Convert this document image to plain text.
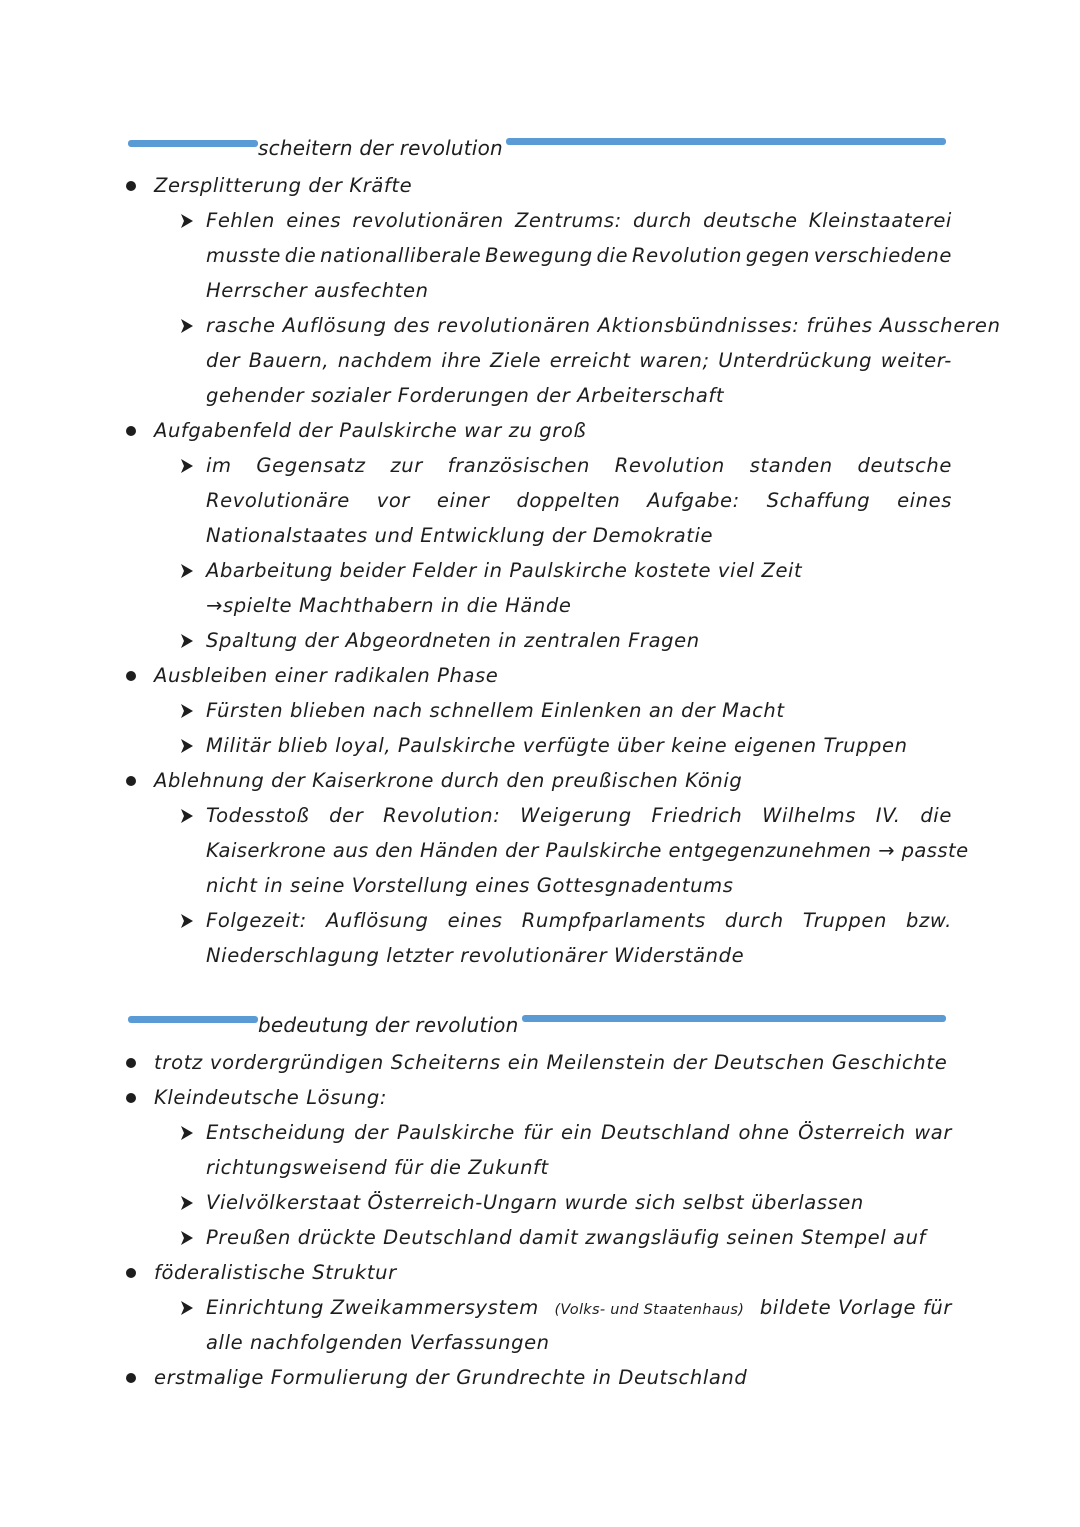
scheitern der revolution
Zersplitterung der Kräfte
Fehlen eines revolutionären Zentrums: durch deutsche Kleinstaaterei
musste die nationalliberale Bewegung die Revolution gegen verschiedene
Herrscher ausfechten
rasche Auflösung des revolutionären Aktionsbündnisses: frühes Ausscheren
der Bauern, nachdem ihre Ziele erreicht waren; Unterdrückung weiter-
gehender sozialer Forderungen der Arbeiterschaft
Aufgabenfeld der Paulskirche war zu groß
im Gegensatz zur französischen Revolution standen deutsche
Revolutionäre vor einer doppelten Aufgabe: Schaffung eines
Nationalstaates und Entwicklung der Demokratie
Abarbeitung beider Felder in Paulskirche kostete viel Zeit
→spielte Machthabern in die Hände
Spaltung der Abgeordneten in zentralen Fragen
Ausbleiben einer radikalen Phase
Fürsten blieben nach schnellem Einlenken an der Macht
Militär blieb loyal, Paulskirche verfügte über keine eigenen Truppen
Ablehnung der Kaiserkrone durch den preußischen König
Todesstoß der Revolution: Weigerung Friedrich Wilhelms IV. die
Kaiserkrone aus den Händen der Paulskirche entgegenzunehmen → passte
nicht in seine Vorstellung eines Gottesgnadentums
Folgezeit: Auflösung eines Rumpfparlaments durch Truppen bzw.
Niederschlagung letzter revolutionärer Widerstände
bedeutung der revolution
trotz vordergründigen Scheiterns ein Meilenstein der Deutschen Geschichte
Kleindeutsche Lösung:
Entscheidung der Paulskirche für ein Deutschland ohne Österreich war
richtungsweisend für die Zukunft
Vielvölkerstaat Österreich-Ungarn wurde sich selbst überlassen
Preußen drückte Deutschland damit zwangsläufig seinen Stempel auf
föderalistische Struktur
Einrichtung Zweikammersystem (Volks- und Staatenhaus) bildete Vorlage für
alle nachfolgenden Verfassungen
erstmalige Formulierung der Grundrechte in Deutschland
